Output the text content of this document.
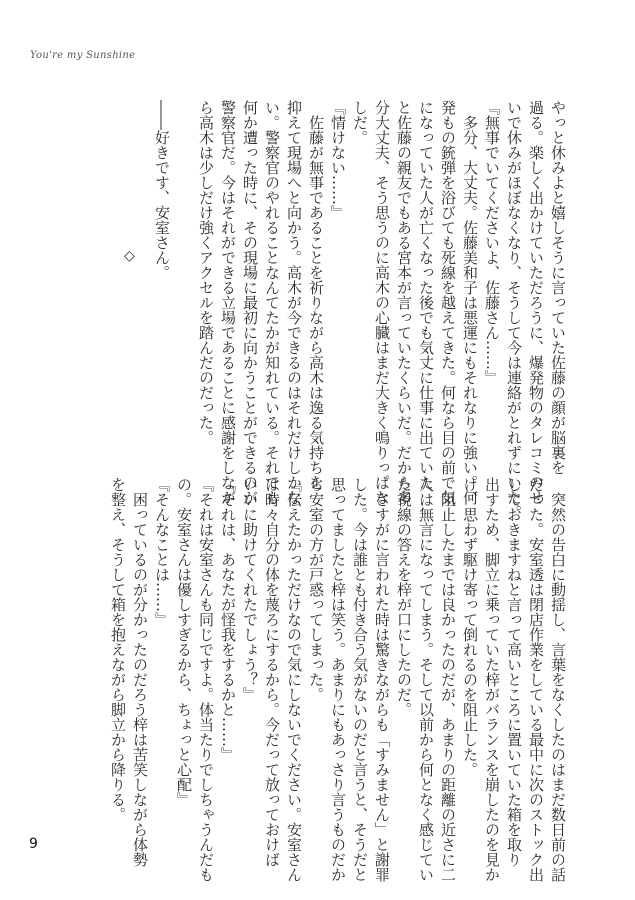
You're my Sunshine

やっと休みよと嬉しそうに言っていた佐藤の顔が脳裏を

過る。楽しく出かけていただろうに、爆発物のタレコミのせ

いで休みがほぼなくなり、そうして今は連絡がとれずにいた。

『無事でいてくださいよ、佐藤さん……』

　多分、大丈夫。佐藤美和子は悪運にもそれなりに強い。何

発もの銃弾を浴びても死線を越えてきた。何なら目の前で気

になっていた人が亡くなった後でも気丈に仕事に出ていた

と佐藤の親友でもある宮本が言っていたくらいだ。だから多

分大丈夫、そう思うのに高木の心臓はまだ大きく鳴りっぱな

しだ。

『情けない……』

　佐藤が無事であることを祈りながら高木は逸る気持ちを

抑えて現場へと向かう。高木が今できるのはそれだけしかな

い。警察官のやれることなんてたかが知れている。それでも

何か遭った時に、その現場に最初に向かうことができるのが

警察官だ。今はそれができる立場であることに感謝をしなが

ら高木は少しだけ強くアクセルを踏んだのだった。

――好きです、安室さん。

◇

　突然の告白に動揺し、言葉をなくしたのはまだ数日前の話

だった。安室透は閉店作業をしている最中に次のストック出

しておきますねと言って高いところに置いていた箱を取り

出すため、脚立に乗っていた梓がバランスを崩したのを見か

け、思わず駆け寄って倒れるのを阻止した。

　阻止したまでは良かったのだが、あまりの距離の近さに二

人は無言になってしまう。そして以前から何となく感じてい

た視線の答えを梓が口にしたのだ。

　さすがに言われた時は驚きながらも「すみません」と謝罪

した。今は誰とも付き合う気がないのだと言うと、そうだと

思ってましたと梓は笑う。あまりにもあっさり言うものだか

ら安室の方が戸惑ってしまった。

『伝えたかっただけなので気にしないでください。安室さん

は時々自分の体を蔑ろにするから。今だって放っておけば

いいに助けてくれたでしょう？』

『それは、あなたが怪我をするかと……』

『それは安室さんも同じですよ。体当たりでしちゃうんだも

の。安室さんは優しすぎるから、ちょっと心配』

『そんなことは……』

　困っているのが分かったのだろう梓は苦笑しながら体勢

を整え、そうして箱を抱えながら脚立から降りる。

9
